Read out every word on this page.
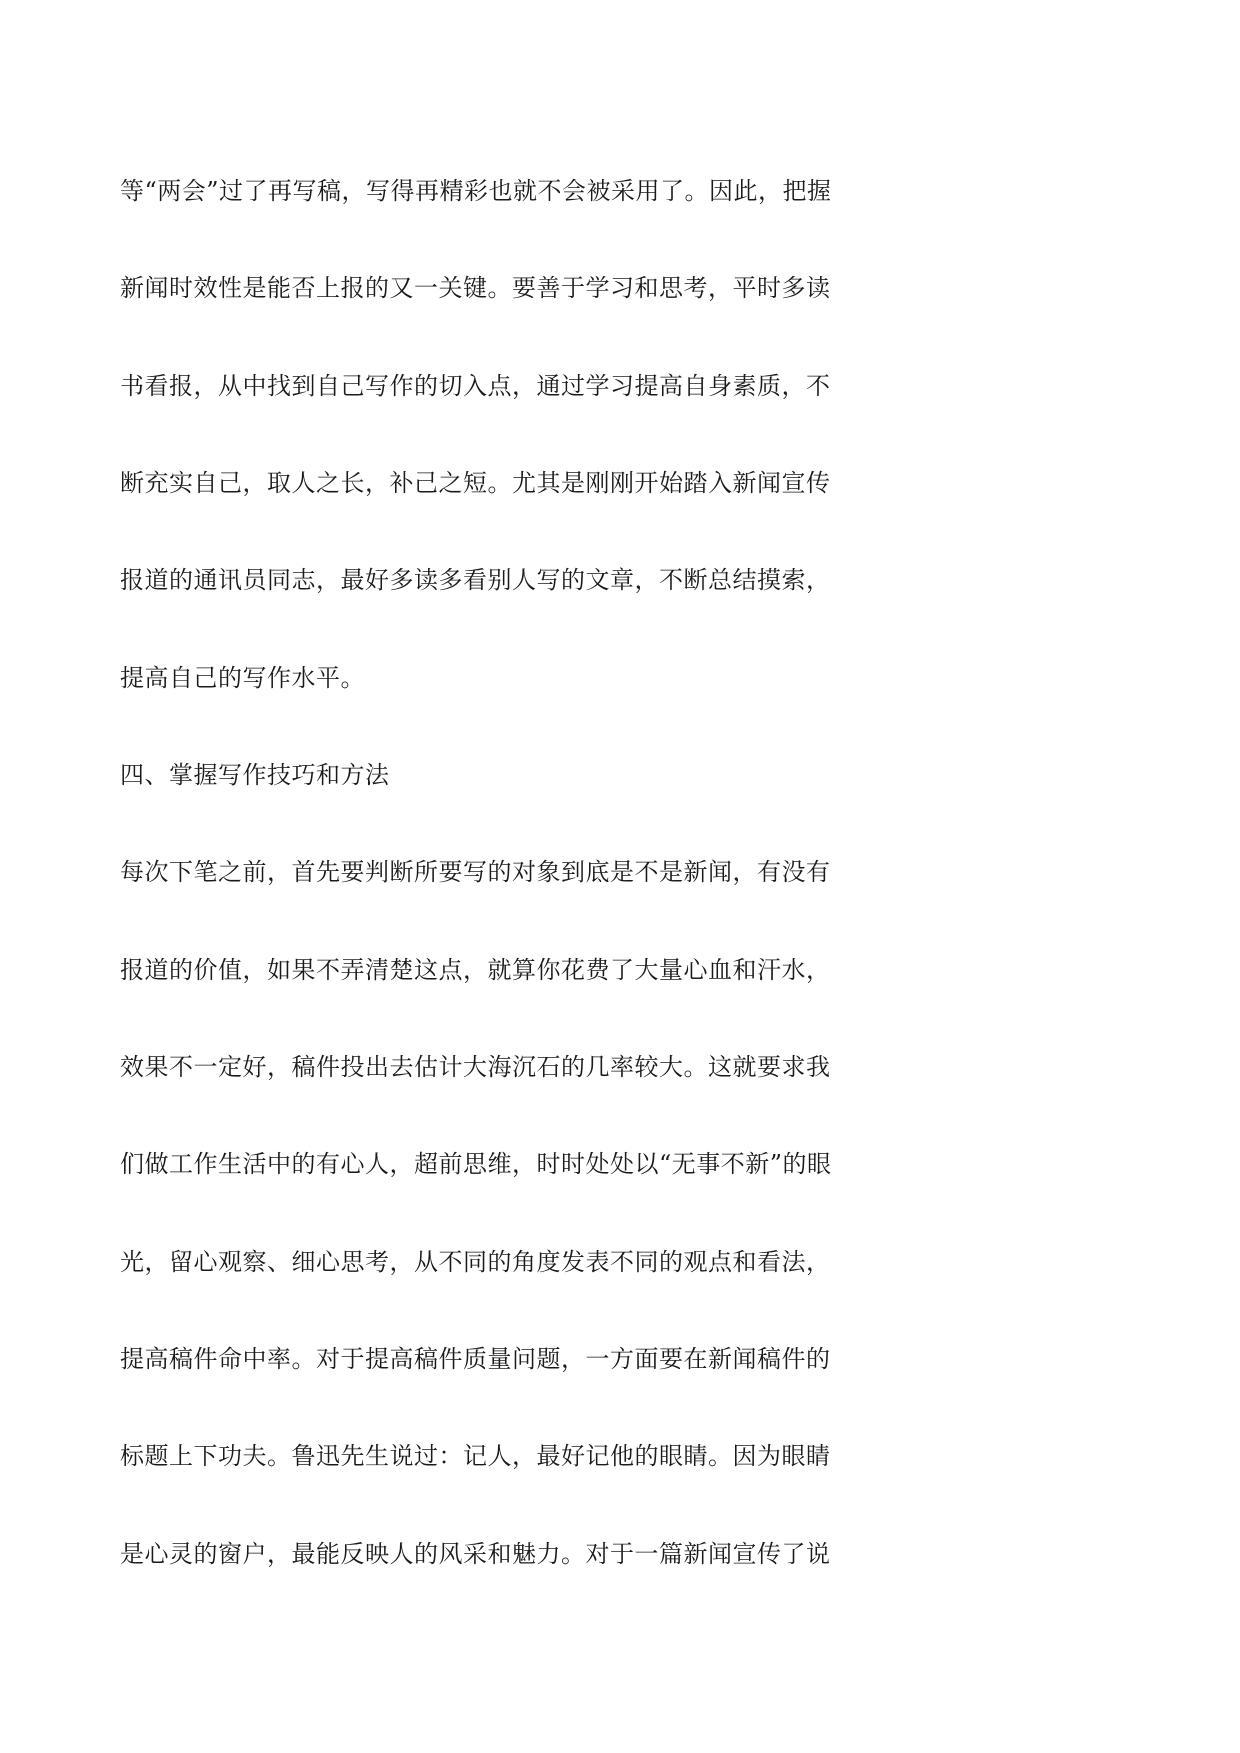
等“两会”过了再写稿，写得再精彩也就不会被采用了。因此，把握
新闻时效性是能否上报的又一关键。要善于学习和思考，平时多读
书看报，从中找到自己写作的切入点，通过学习提高自身素质，不
断充实自己，取人之长，补己之短。尤其是刚刚开始踏入新闻宣传
报道的通讯员同志，最好多读多看别人写的文章，不断总结摸索，
提高自己的写作水平。
四、掌握写作技巧和方法
每次下笔之前，首先要判断所要写的对象到底是不是新闻，有没有
报道的价值，如果不弄清楚这点，就算你花费了大量心血和汗水，
效果不一定好，稿件投出去估计大海沉石的几率较大。这就要求我
们做工作生活中的有心人，超前思维，时时处处以“无事不新”的眼
光，留心观察、细心思考，从不同的角度发表不同的观点和看法，
提高稿件命中率。对于提高稿件质量问题，一方面要在新闻稿件的
标题上下功夫。鲁迅先生说过：记人，最好记他的眼睛。因为眼睛
是心灵的窗户，最能反映人的风采和魅力。对于一篇新闻宣传了说
